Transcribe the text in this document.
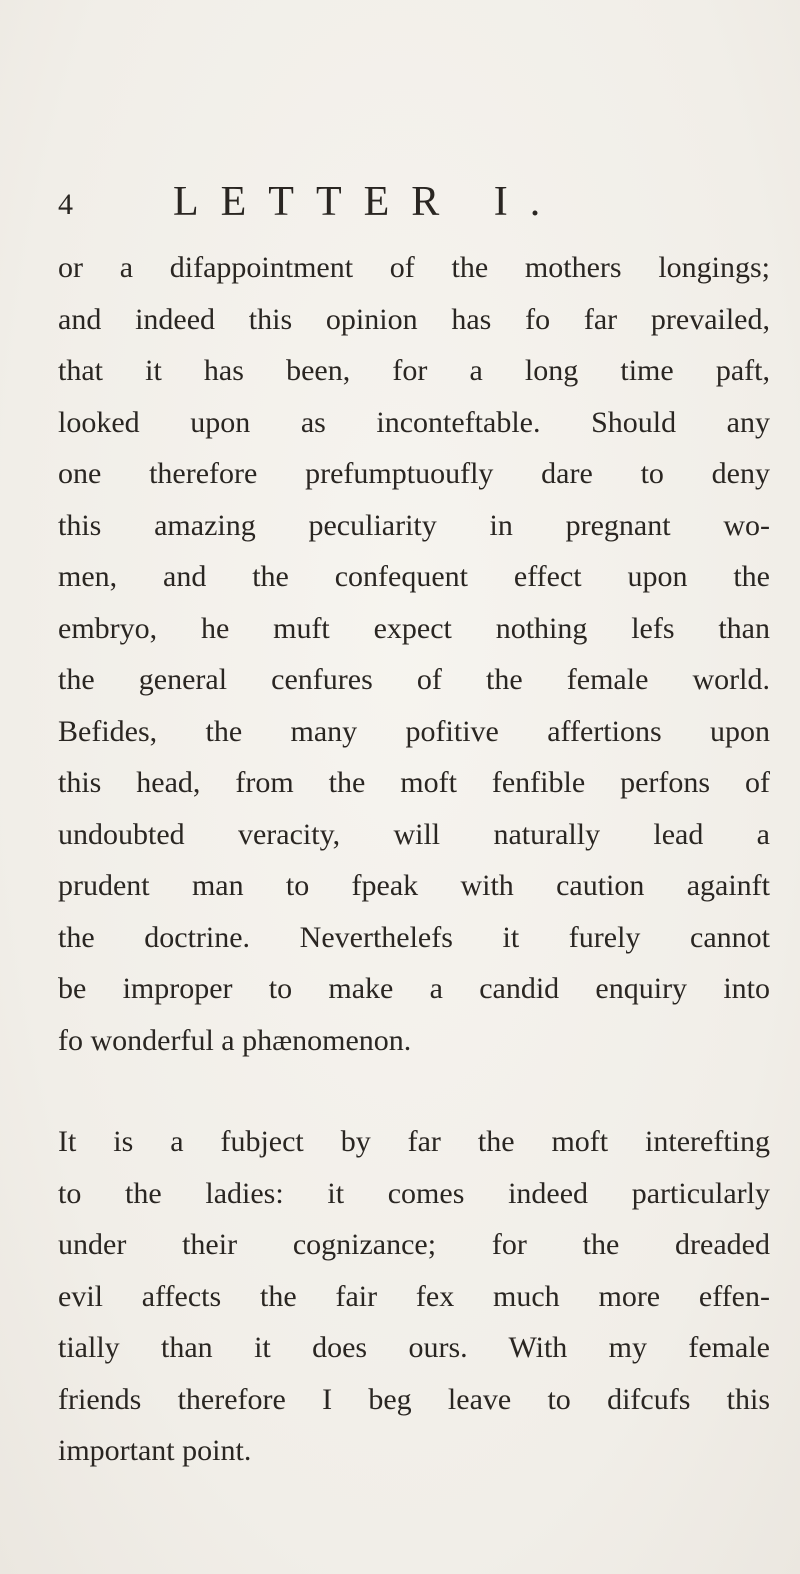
4 LETTER I.
or a difappointment of the mothers longings;
and indeed this opinion has fo far prevailed,
that it has been, for a long time paft,
looked upon as inconteftable. Should any
one therefore prefumptuoufly dare to deny
this amazing peculiarity in pregnant wo-
men, and the confequent effect upon the
embryo, he muft expect nothing lefs than
the general cenfures of the female world.
Befides, the many pofitive affertions upon
this head, from the moft fenfible perfons of
undoubted veracity, will naturally lead a
prudent man to fpeak with caution againft
the doctrine. Neverthelefs it furely cannot
be improper to make a candid enquiry into
fo wonderful a phænomenon.
It is a fubject by far the moft interefting
to the ladies: it comes indeed particularly
under their cognizance; for the dreaded
evil affects the fair fex much more effen-
tially than it does ours. With my female
friends therefore I beg leave to difcufs this
important point.
